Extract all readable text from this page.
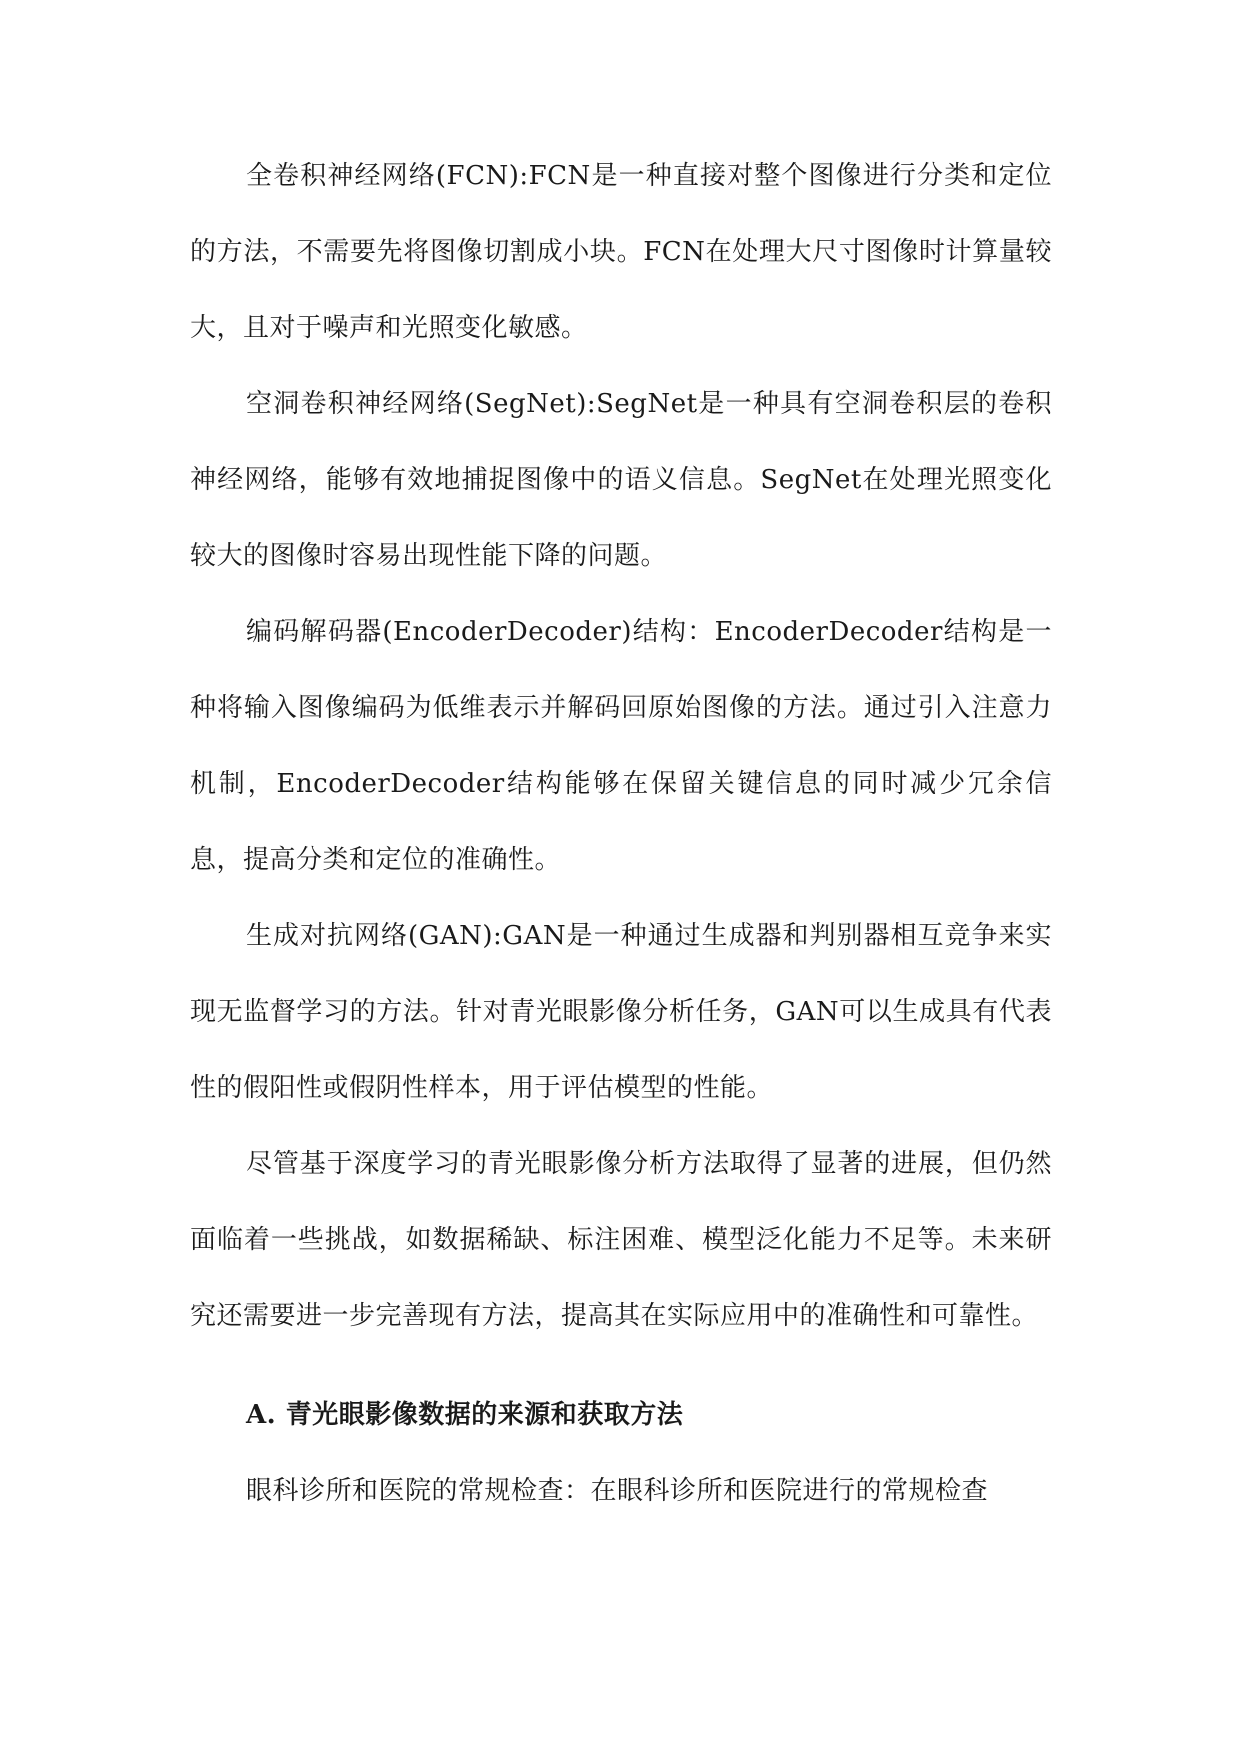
全卷积神经网络(FCN):FCN是一种直接对整个图像进行分类和定位的方法，不需要先将图像切割成小块。FCN在处理大尺寸图像时计算量较大，且对于噪声和光照变化敏感。

空洞卷积神经网络(SegNet):SegNet是一种具有空洞卷积层的卷积神经网络，能够有效地捕捉图像中的语义信息。SegNet在处理光照变化较大的图像时容易出现性能下降的问题。

编码解码器(EncoderDecoder)结构：EncoderDecoder结构是一种将输入图像编码为低维表示并解码回原始图像的方法。通过引入注意力机制，EncoderDecoder结构能够在保留关键信息的同时减少冗余信息，提高分类和定位的准确性。

生成对抗网络(GAN):GAN是一种通过生成器和判别器相互竞争来实现无监督学习的方法。针对青光眼影像分析任务，GAN可以生成具有代表性的假阳性或假阴性样本，用于评估模型的性能。

尽管基于深度学习的青光眼影像分析方法取得了显著的进展，但仍然面临着一些挑战，如数据稀缺、标注困难、模型泛化能力不足等。未来研究还需要进一步完善现有方法，提高其在实际应用中的准确性和可靠性。

A. 青光眼影像数据的来源和获取方法

眼科诊所和医院的常规检查：在眼科诊所和医院进行的常规检查
